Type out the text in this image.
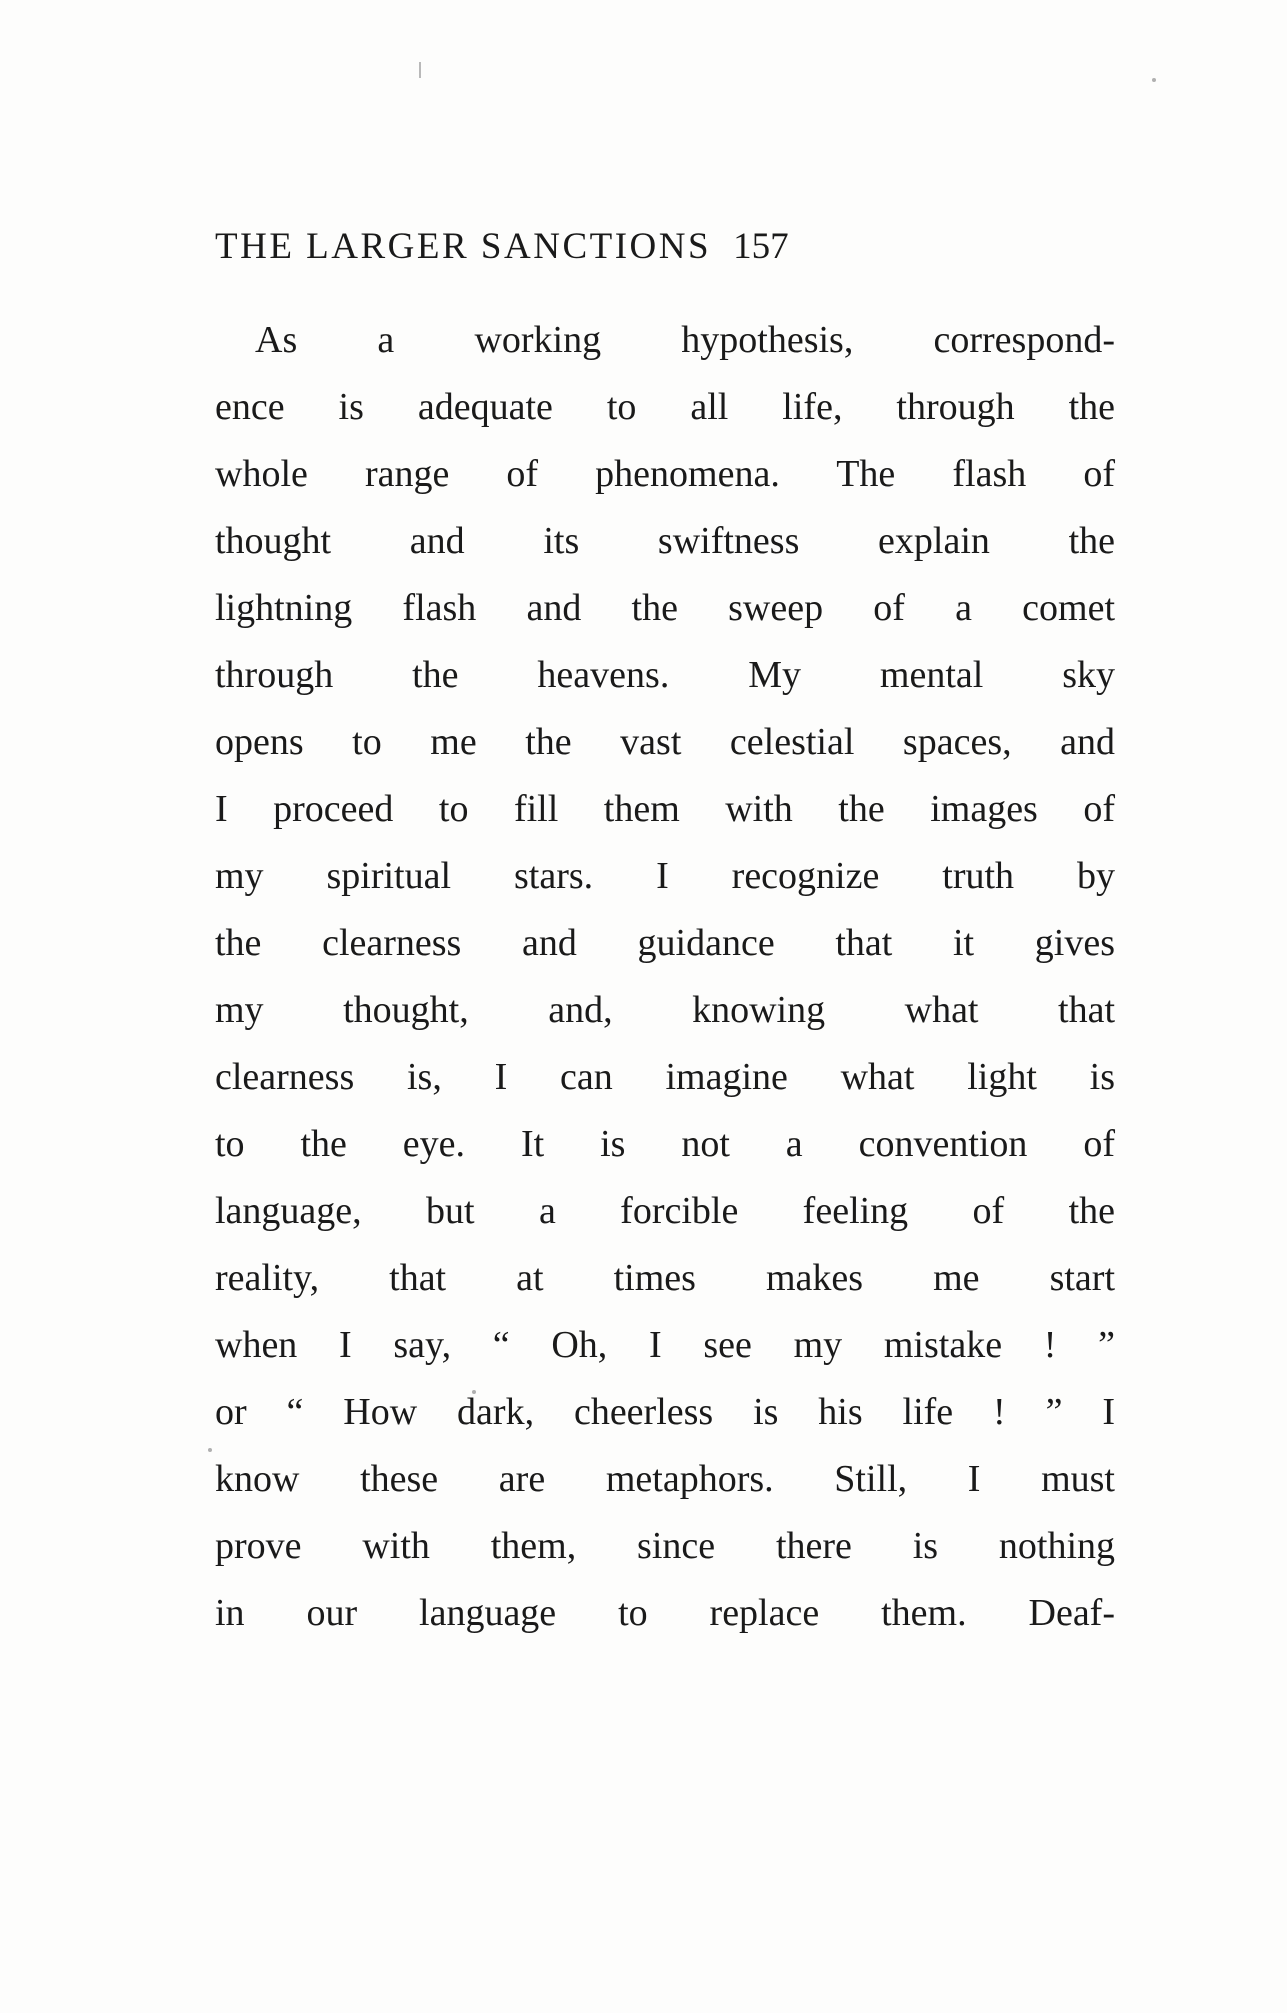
THE LARGER SANCTIONS 157
As a working hypothesis, correspond-
ence is adequate to all life, through the
whole range of phenomena. The flash of
thought and its swiftness explain the
lightning flash and the sweep of a comet
through the heavens. My mental sky
opens to me the vast celestial spaces, and
I proceed to fill them with the images of
my spiritual stars. I recognize truth by
the clearness and guidance that it gives
my thought, and, knowing what that
clearness is, I can imagine what light is
to the eye. It is not a convention of
language, but a forcible feeling of the
reality, that at times makes me start
when I say, “ Oh, I see my mistake ! ”
or “ How dark, cheerless is his life ! ” I
know these are metaphors. Still, I must
prove with them, since there is nothing
in our language to replace them. Deaf-
